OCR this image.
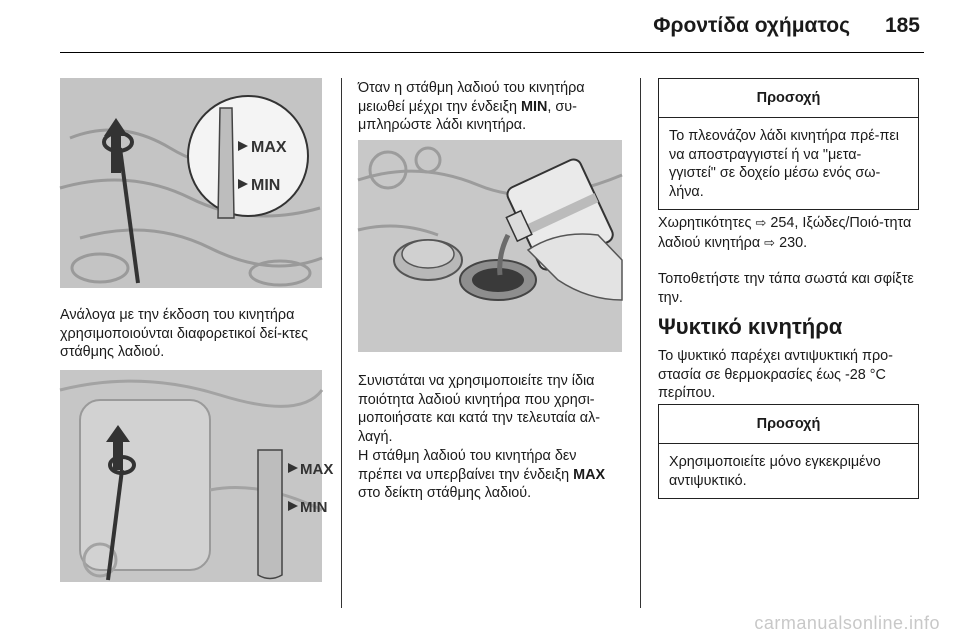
Φροντίδα οχήματος 185
MAX
MIN

Ανάλογα με την έκδοση του κινητήρα χρησιμοποιούνται διαφορετικοί δεί-κτες στάθμης λαδιού.

MAX
MIN

Όταν η στάθμη λαδιού του κινητήρα μειωθεί μέχρι την ένδειξη MIN, συ-μπληρώστε λάδι κινητήρα.

Συνιστάται να χρησιμοποιείτε την ίδια ποιότητα λαδιού κινητήρα που χρησι-μοποιήσατε και κατά την τελευταία αλ-λαγή.

Η στάθμη λαδιού του κινητήρα δεν πρέπει να υπερβαίνει την ένδειξη MAX στο δείκτη στάθμης λαδιού.

Προσοχή
Το πλεονάζον λάδι κινητήρα πρέ-πει να αποστραγγιστεί ή να "μετα-γγιστεί" σε δοχείο μέσω ενός σω-λήνα.

Χωρητικότητες ⇨ 254, Ιξώδες/Ποιό-τητα λαδιού κινητήρα ⇨ 230.

Τοποθετήστε την τάπα σωστά και σφίξτε την.

Ψυκτικό κινητήρα

Το ψυκτικό παρέχει αντιψυκτική προ-στασία σε θερμοκρασίες έως -28 °C περίπου.

Προσοχή
Χρησιμοποιείτε μόνο εγκεκριμένο αντιψυκτικό.
carmanualsonline.info
